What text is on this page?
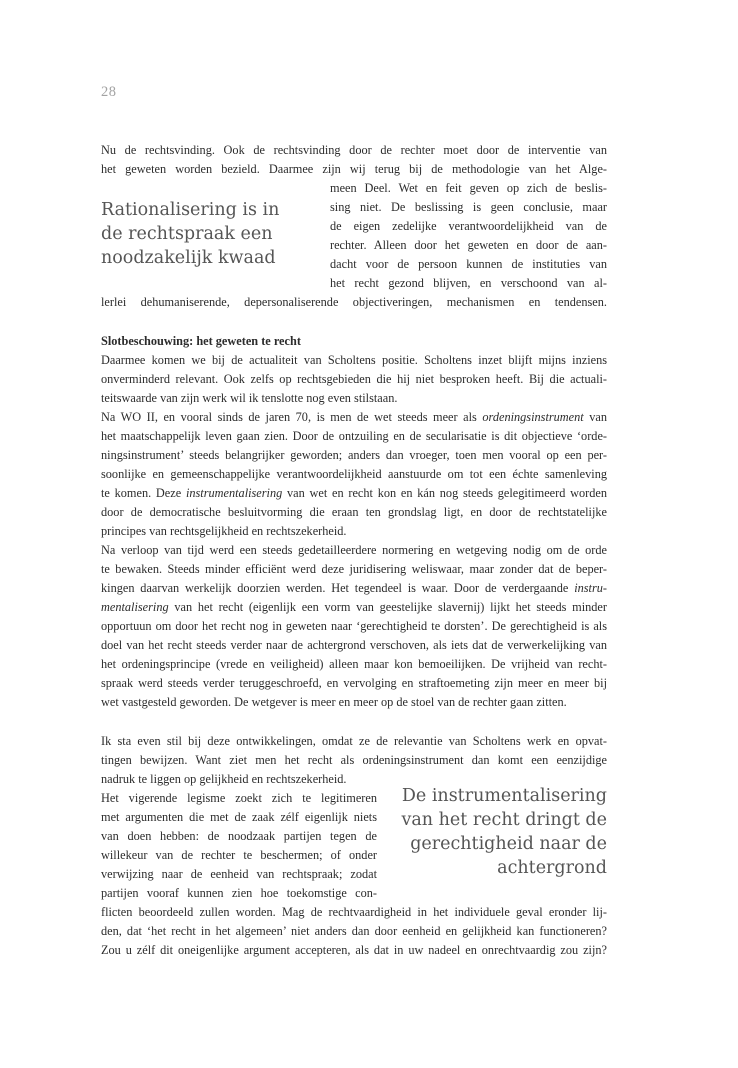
28
Nu de rechtsvinding. Ook de rechtsvinding door de rechter moet door de interventie van
het geweten worden bezield. Daarmee zijn wij terug bij de methodologie van het Alge-
meen Deel. Wet en feit geven op zich de beslis-
sing niet. De beslissing is geen conclusie, maar
de eigen zedelijke verantwoordelijkheid van de
rechter. Alleen door het geweten en door de aan-
dacht voor de persoon kunnen de instituties van
het recht gezond blijven, en verschoond van al-
lerlei dehumaniserende, depersonaliserende objectiveringen, mechanismen en tendensen.
Rationalisering is in
de rechtspraak een
noodzakelijk kwaad
Slotbeschouwing: het geweten te recht
Daarmee komen we bij de actualiteit van Scholtens positie. Scholtens inzet blijft mijns inziens
onverminderd relevant. Ook zelfs op rechtsgebieden die hij niet besproken heeft. Bij die actuali-
teitswaarde van zijn werk wil ik tenslotte nog even stilstaan.
Na WO II, en vooral sinds de jaren 70, is men de wet steeds meer als ordeningsinstrument van
het maatschappelijk leven gaan zien. Door de ontzuiling en de secularisatie is dit objectieve ‘orde-
ningsinstrument’ steeds belangrijker geworden; anders dan vroeger, toen men vooral op een per-
soonlijke en gemeenschappelijke verantwoordelijkheid aanstuurde om tot een échte samenleving
te komen. Deze instrumentalisering van wet en recht kon en kán nog steeds gelegitimeerd worden
door de democratische besluitvorming die eraan ten grondslag ligt, en door de rechtstatelijke
principes van rechtsgelijkheid en rechtszekerheid.
Na verloop van tijd werd een steeds gedetailleerdere normering en wetgeving nodig om de orde
te bewaken. Steeds minder efficiënt werd deze juridisering weliswaar, maar zonder dat de beper-
kingen daarvan werkelijk doorzien werden. Het tegendeel is waar. Door de verdergaande instru-
mentalisering van het recht (eigenlijk een vorm van geestelijke slavernij) lijkt het steeds minder
opportuun om door het recht nog in geweten naar ‘gerechtigheid te dorsten’. De gerechtigheid is als
doel van het recht steeds verder naar de achtergrond verschoven, als iets dat de verwerkelijking van
het ordeningsprincipe (vrede en veiligheid) alleen maar kon bemoeilijken. De vrijheid van recht-
spraak werd steeds verder teruggeschroefd, en vervolging en straftoemeting zijn meer en meer bij
wet vastgesteld geworden. De wetgever is meer en meer op de stoel van de rechter gaan zitten.
Ik sta even stil bij deze ontwikkelingen, omdat ze de relevantie van Scholtens werk en opvat-
tingen bewijzen. Want ziet men het recht als ordeningsinstrument dan komt een eenzijdige
nadruk te liggen op gelijkheid en rechtszekerheid.
Het vigerende legisme zoekt zich te legitimeren
met argumenten die met de zaak zélf eigenlijk niets
van doen hebben: de noodzaak partijen tegen de
willekeur van de rechter te beschermen; of onder
verwijzing naar de eenheid van rechtspraak; zodat
partijen vooraf kunnen zien hoe toekomstige con-
flicten beoordeeld zullen worden. Mag de rechtvaardigheid in het individuele geval eronder lij-
den, dat ‘het recht in het algemeen’ niet anders dan door eenheid en gelijkheid kan functioneren?
Zou u zélf dit oneigenlijke argument accepteren, als dat in uw nadeel en onrechtvaardig zou zijn?
De instrumentalisering
van het recht dringt de
gerechtigheid naar de
achtergrond
